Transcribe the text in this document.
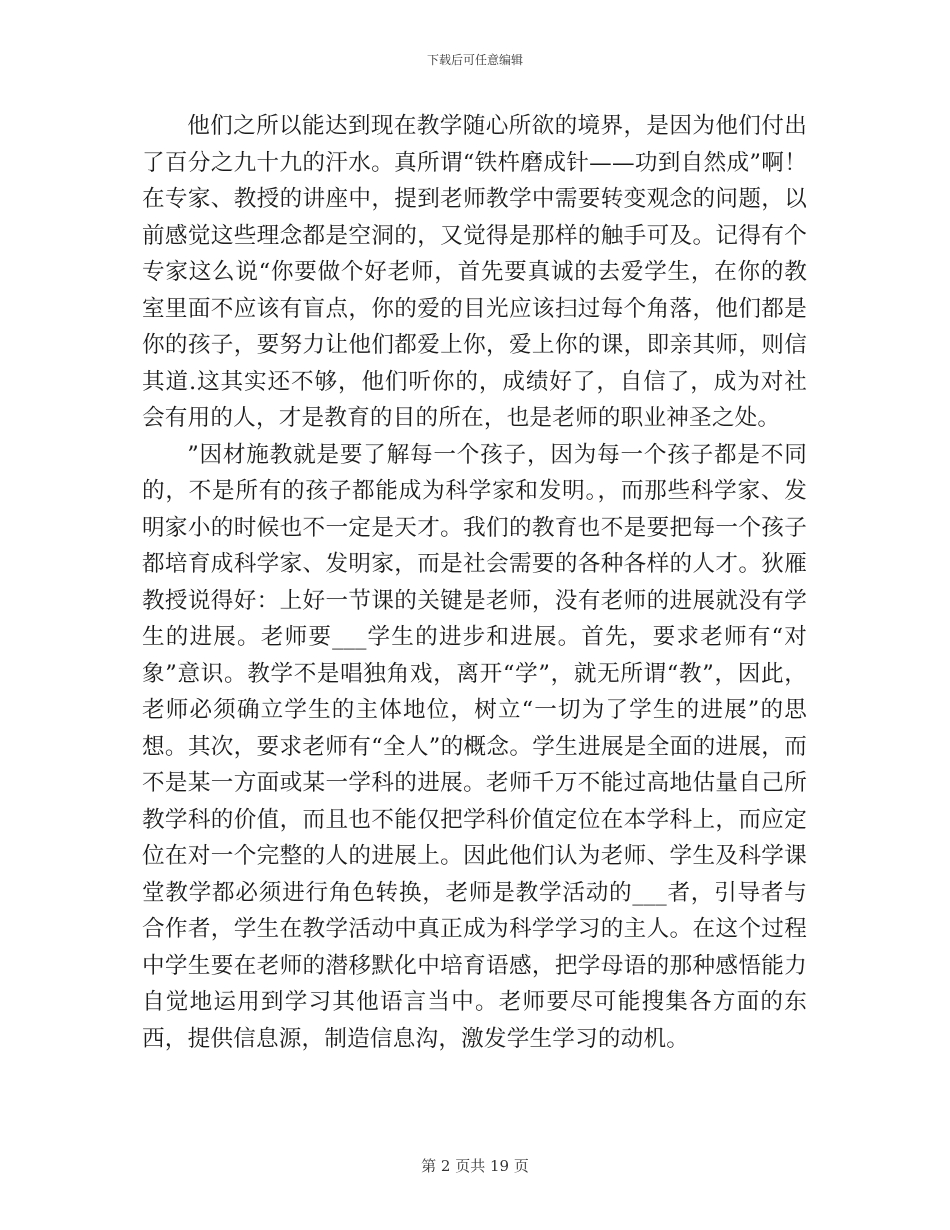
下载后可任意编辑

他们之所以能达到现在教学随心所欲的境界，是因为他们付出了百分之九十九的汗水。真所谓“铁杵磨成针——功到自然成”啊！在专家、教授的讲座中，提到老师教学中需要转变观念的问题，以前感觉这些理念都是空洞的，又觉得是那样的触手可及。记得有个专家这么说“你要做个好老师，首先要真诚的去爱学生，在你的教室里面不应该有盲点，你的爱的目光应该扫过每个角落，他们都是你的孩子，要努力让他们都爱上你，爱上你的课，即亲其师，则信其道.这其实还不够，他们听你的，成绩好了，自信了，成为对社会有用的人，才是教育的目的所在，也是老师的职业神圣之处。

”因材施教就是要了解每一个孩子，因为每一个孩子都是不同的，不是所有的孩子都能成为科学家和发明。，而那些科学家、发明家小的时候也不一定是天才。我们的教育也不是要把每一个孩子都培育成科学家、发明家，而是社会需要的各种各样的人才。狄雁教授说得好：上好一节课的关键是老师，没有老师的进展就没有学生的进展。老师要___学生的进步和进展。首先，要求老师有“对象”意识。教学不是唱独角戏，离开“学”，就无所谓“教”，因此，老师必须确立学生的主体地位，树立“一切为了学生的进展”的思想。其次，要求老师有“全人”的概念。学生进展是全面的进展，而不是某一方面或某一学科的进展。老师千万不能过高地估量自己所教学科的价值，而且也不能仅把学科价值定位在本学科上，而应定位在对一个完整的人的进展上。因此他们认为老师、学生及科学课堂教学都必须进行角色转换，老师是教学活动的___者，引导者与合作者，学生在教学活动中真正成为科学学习的主人。在这个过程中学生要在老师的潜移默化中培育语感，把学母语的那种感悟能力自觉地运用到学习其他语言当中。老师要尽可能搜集各方面的东西，提供信息源，制造信息沟，激发学生学习的动机。

第 2 页共 19 页
